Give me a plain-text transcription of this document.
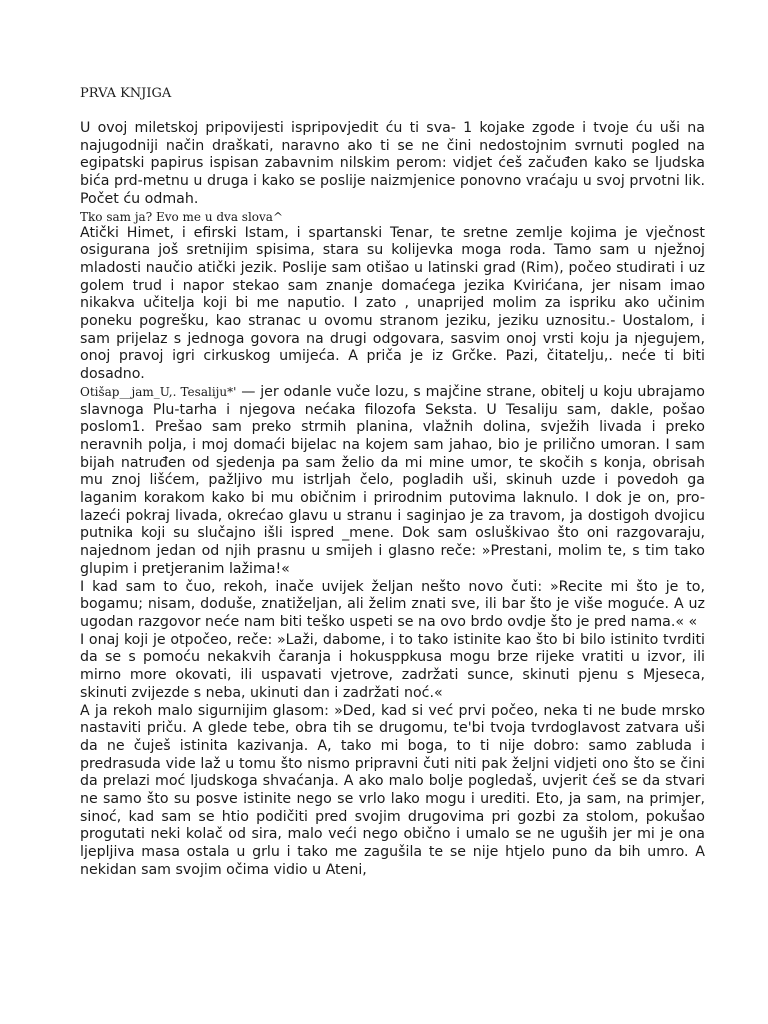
PRVA KNJIGA

U ovoj miletskoj pripovijesti ispripovjedit ću ti sva- 1 kojake zgode i tvoje ću uši na najugodniji način draškati, naravno ako ti se ne čini nedostojnim svrnuti pogled na egipatski papirus ispisan zabavnim nilskim perom: vidjet ćeš začuđen kako se ljudska bića prd-metnu u druga i kako se poslije naizmjenice ponovno vraćaju u svoj prvotni lik. Počet ću odmah.

Tko sam ja? Evo me u dva slova^

Atički Himet, i efirski Istam, i spartanski Tenar, te sretne zemlje kojima je vječnost osigurana još sretnijim spisima, stara su kolijevka moga roda. Tamo sam u nježnoj mladosti naučio atički jezik. Poslije sam otišao u latinski grad (Rim), počeo studirati i uz golem trud i napor stekao sam znanje domaćega jezika Kvirićana, jer nisam imao nikakva učitelja koji bi me naputio. I zato , unaprijed molim za ispriku ako učinim poneku pogrešku, kao stranac u ovomu stranom jeziku, jeziku uznositu.- Uostalom, i sam prijelaz s jednoga govora na drugi odgovara, sasvim onoj vrsti koju ja njegujem, onoj pravoj igri cirkuskog umijeća. A priča je iz Grčke. Pazi, čitatelju,. neće ti biti dosadno.

Otišap__jam_U,. Tesaliju*' — jer odanle vuče lozu, s majčine strane, obitelj u koju ubrajamo slavnoga Plu-tarha i njegova nećaka filozofa Seksta. U Tesaliju sam, dakle, pošao poslom1. Prešao sam preko strmih planina, vlažnih dolina, svježih livada i preko neravnih polja, i moj domaći bijelac na kojem sam jahao, bio je prilično umoran. I sam bijah natruđen od sjedenja pa sam želio da mi mine umor, te skočih s konja, obrisah mu znoj lišćem, pažljivo mu istrljah čelo, pogladih uši, skinuh uzde i povedoh ga laganim korakom kako bi mu običnim i prirodnim putovima laknulo. I dok je on, pro-lazeći pokraj livada, okrećao glavu u stranu i saginjao je za travom, ja dostigoh dvojicu putnika koji su slučajno išli ispred _mene. Dok sam osluškivao što oni razgovaraju, najednom jedan od njih prasnu u smijeh i glasno reče: »Prestani, molim te, s tim tako glupim i pretjeranim lažima!«

I kad sam to čuo, rekoh, inače uvijek željan nešto novo čuti: »Recite mi što je to, bogamu; nisam, doduše, znatiželjan, ali želim znati sve, ili bar što je više moguće. A uz ugodan razgovor neće nam biti teško uspeti se na ovo brdo ovdje što je pred nama.« «

I onaj koji je otpočeo, reče: »Laži, dabome, i to tako istinite kao što bi bilo istinito tvrditi da se s pomoću nekakvih čaranja i hokusppkusa mogu brze rijeke vratiti u izvor, ili mirno more okovati, ili uspavati vjetrove, zadržati sunce, skinuti pjenu s Mjeseca, skinuti zvijezde s neba, ukinuti dan i zadržati noć.«

A ja rekoh malo sigurnijim glasom: »Ded, kad si već prvi počeo, neka ti ne bude mrsko nastaviti priču. A glede tebe, obra tih se drugomu, te'bi tvoja tvrdoglavost zatvara uši da ne čuješ istinita kazivanja. A, tako mi boga, to ti nije dobro: samo zabluda i predrasuda vide laž u tomu što nismo pripravni čuti niti pak željni vidjeti ono što se čini da prelazi moć ljudskoga shvaćanja. A ako malo bolje pogledaš, uvjerit ćeš se da stvari ne samo što su posve istinite nego se vrlo lako mogu i urediti. Eto, ja sam, na primjer, sinoć, kad sam se htio podičiti pred svojim drugovima pri gozbi za stolom, pokušao progutati neki kolač od sira, malo veći nego obično i umalo se ne uguših jer mi je ona ljepljiva masa ostala u grlu i tako me zagušila te se nije htjelo puno da bih umro. A nekidan sam svojim očima vidio u Ateni,
